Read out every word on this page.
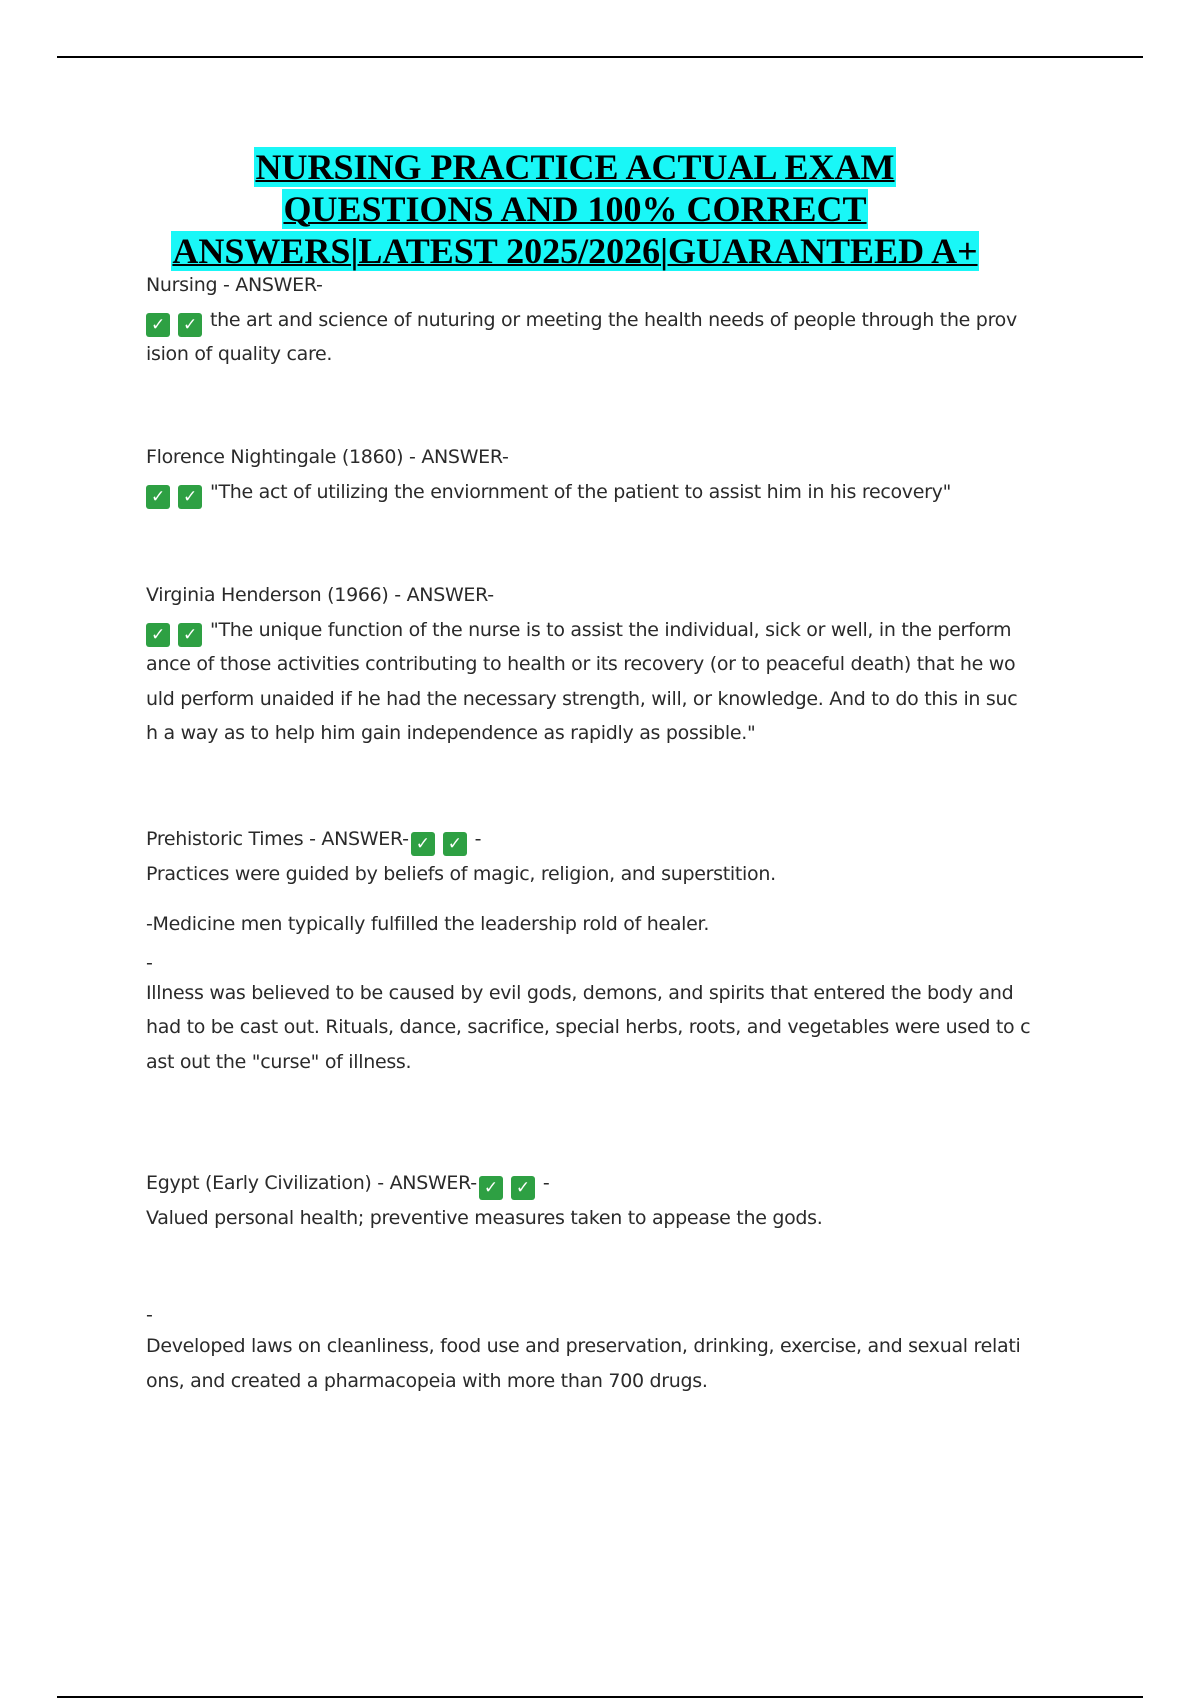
NURSING PRACTICE ACTUAL EXAM
QUESTIONS AND 100% CORRECT
ANSWERS|LATEST 2025/2026|GUARANTEED A+
Nursing - ANSWER-
✓ ✓ the art and science of nuturing or meeting the health needs of people through the prov
ision of quality care.
Florence Nightingale (1860) - ANSWER-
✓ ✓ "The act of utilizing the enviornment of the patient to assist him in his recovery"
Virginia Henderson (1966) - ANSWER-
✓ ✓ "The unique function of the nurse is to assist the individual, sick or well, in the perform
ance of those activities contributing to health or its recovery (or to peaceful death) that he wo
uld perform unaided if he had the necessary strength, will, or knowledge. And to do this in suc
h a way as to help him gain independence as rapidly as possible."
Prehistoric Times - ANSWER- ✓ ✓ -
Practices were guided by beliefs of magic, religion, and superstition.
-Medicine men typically fulfilled the leadership rold of healer.
-
Illness was believed to be caused by evil gods, demons, and spirits that entered the body and
had to be cast out. Rituals, dance, sacrifice, special herbs, roots, and vegetables were used to c
ast out the "curse" of illness.
Egypt (Early Civilization) - ANSWER- ✓ ✓ -
Valued personal health; preventive measures taken to appease the gods.
-
Developed laws on cleanliness, food use and preservation, drinking, exercise, and sexual relati
ons, and created a pharmacopeia with more than 700 drugs.
